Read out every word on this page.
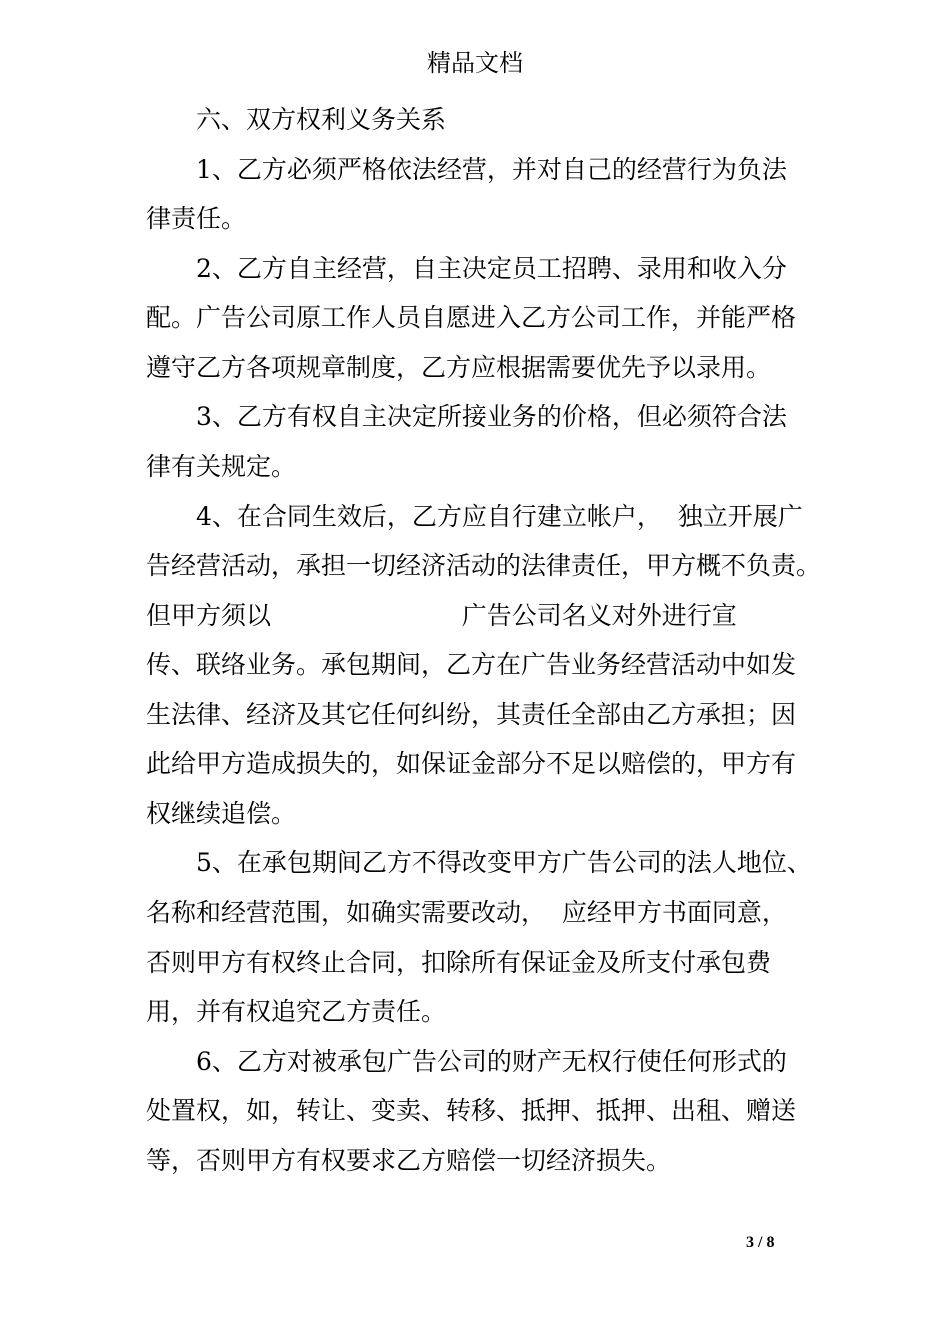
精品文档
六、双方权利义务关系
1、乙方必须严格依法经营，并对自己的经营行为负法
律责任。
2、乙方自主经营，自主决定员工招聘、录用和收入分
配。广告公司原工作人员自愿进入乙方公司工作，并能严格
遵守乙方各项规章制度，乙方应根据需要优先予以录用。
3、乙方有权自主决定所接业务的价格，但必须符合法
律有关规定。
4、在合同生效后，乙方应自行建立帐户，  独立开展广
告经营活动，承担一切经济活动的法律责任，甲方概不负责。
但甲方须以                        广告公司名义对外进行宣
传、联络业务。承包期间，乙方在广告业务经营活动中如发
生法律、经济及其它任何纠纷，其责任全部由乙方承担；因
此给甲方造成损失的，如保证金部分不足以赔偿的，甲方有
权继续追偿。
5、在承包期间乙方不得改变甲方广告公司的法人地位、
名称和经营范围，如确实需要改动，  应经甲方书面同意，
否则甲方有权终止合同，扣除所有保证金及所支付承包费
用，并有权追究乙方责任。
6、乙方对被承包广告公司的财产无权行使任何形式的
处置权，如，转让、变卖、转移、抵押、抵押、出租、赠送
等，否则甲方有权要求乙方赔偿一切经济损失。
3 / 8
